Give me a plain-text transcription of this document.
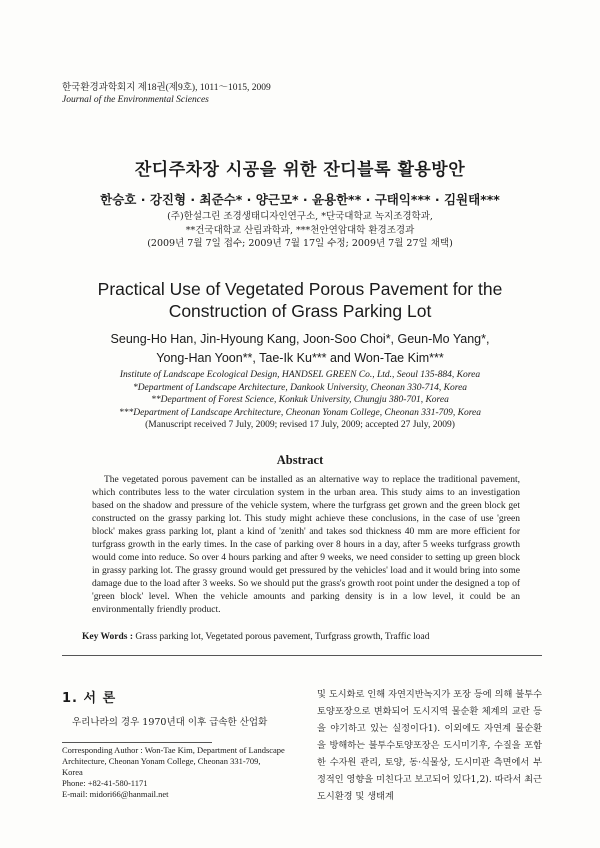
한국환경과학회지 제18권(제9호), 1011～1015, 2009
Journal of the Environmental Sciences
잔디주차장 시공을 위한 잔디블록 활용방안
한승호 · 강진형 · 최준수* · 양근모* · 윤용한** · 구태익*** · 김원태***
(주)한설그린 조경생태디자인연구소, *단국대학교 녹지조경학과,
**건국대학교 산림과학과, ***천안연암대학 환경조경과
(2009년 7월 7일 접수; 2009년 7월 17일 수정; 2009년 7월 27일 채택)
Practical Use of Vegetated Porous Pavement for the
Construction of Grass Parking Lot
Seung-Ho Han, Jin-Hyoung Kang, Joon-Soo Choi*, Geun-Mo Yang*,
Yong-Han Yoon**, Tae-Ik Ku*** and Won-Tae Kim***
Institute of Landscape Ecological Design, HANDSEL GREEN Co., Ltd., Seoul 135-884, Korea
*Department of Landscape Architecture, Dankook University, Cheonan 330-714, Korea
**Department of Forest Science, Konkuk University, Chungju 380-701, Korea
***Department of Landscape Architecture, Cheonan Yonam College, Cheonan 331-709, Korea
(Manuscript received 7 July, 2009; revised 17 July, 2009; accepted 27 July, 2009)
Abstract
The vegetated porous pavement can be installed as an alternative way to replace the traditional pavement, which contributes less to the water circulation system in the urban area. This study aims to an investigation based on the shadow and pressure of the vehicle system, where the turfgrass get grown and the green block get constructed on the grassy parking lot. This study might achieve these conclusions, in the case of use 'green block' makes grass parking lot, plant a kind of 'zenith' and takes sod thickness 40 mm are more efficient for turfgrass growth in the early times. In the case of parking over 8 hours in a day, after 5 weeks turfgrass growth would come into reduce. So over 4 hours parking and after 9 weeks, we need consider to setting up green block in grassy parking lot. The grassy ground would get pressured by the vehicles' load and it would bring into some damage due to the load after 3 weeks. So we should put the grass's growth root point under the designed a top of 'green block' level. When the vehicle amounts and parking density is in a low level, it could be an environmentally friendly product.
Key Words : Grass parking lot, Vegetated porous pavement, Turfgrass growth, Traffic load
1. 서 론
우리나라의 경우 1970년대 이후 급속한 산업화
Corresponding Author : Won-Tae Kim, Department of Landscape
Architecture, Cheonan Yonam College, Cheonan 331-709,
Korea
Phone: +82-41-580-1171
E-mail: midori66@hanmail.net
및 도시화로 인해 자연지반녹지가 포장 등에 의해 불투수토양포장으로 변화되어 도시지역 물순환 체계의 교란 등을 야기하고 있는 실정이다1). 이외에도 자연계 물순환을 방해하는 불투수토양포장은 도시미기후, 수질을 포함한 수자원 관리, 토양, 동·식물상, 도시미관 측면에서 부정적인 영향을 미친다고 보고되어 있다1,2). 따라서 최근 도시환경 및 생태계
